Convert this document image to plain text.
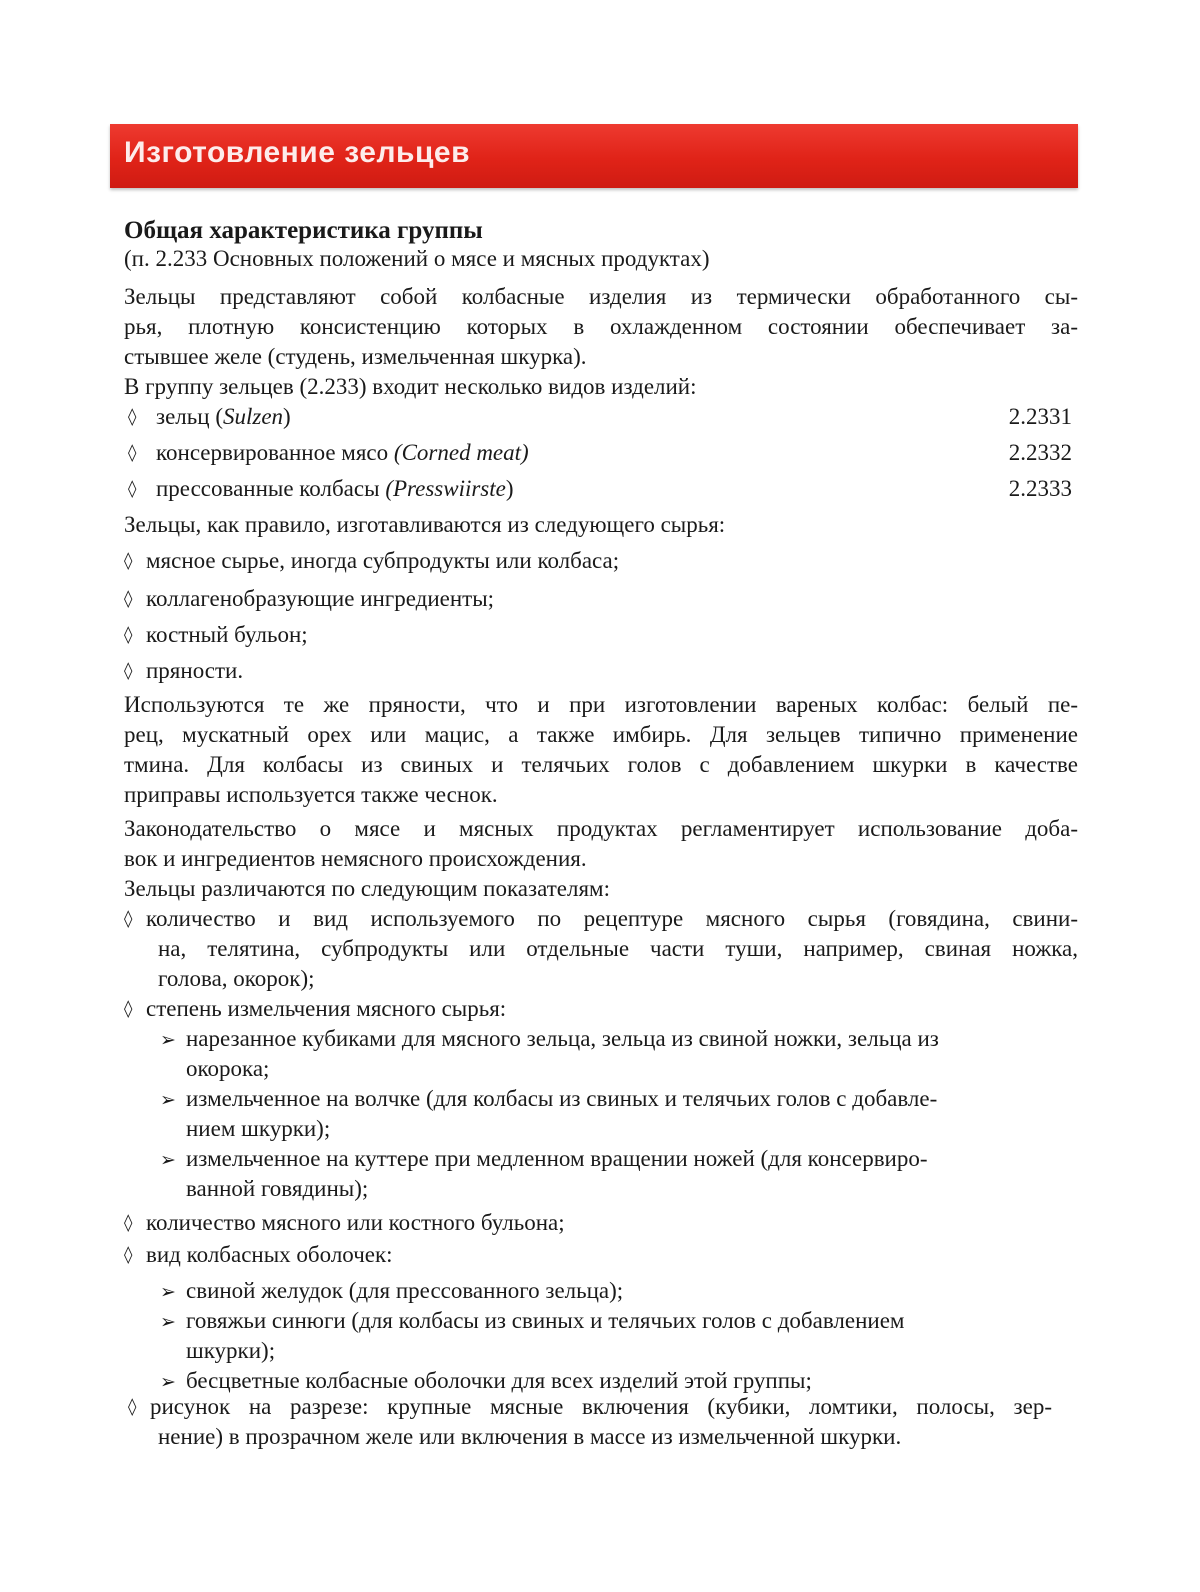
Изготовление зельцев
Общая характеристика группы
(п. 2.233 Основных положений о мясе и мясных продуктах)
Зельцы представляют собой колбасные изделия из термически обработанного сы-
рья, плотную консистенцию которых в охлажденном состоянии обеспечивает за-
стывшее желе (студень, измельченная шкурка).
В группу зельцев (2.233) входит несколько видов изделий:
◊ зельц (Sulzen)	2.2331
◊ консервированное мясо (Corned meat)	2.2332
◊ прессованные колбасы (Presswiirste)	2.2333
Зельцы, как правило, изготавливаются из следующего сырья:
◊ мясное сырье, иногда субпродукты или колбаса;
◊ коллагенобразующие ингредиенты;
◊ костный бульон;
◊ пряности.
Используются те же пряности, что и при изготовлении вареных колбас: белый пе-
рец, мускатный орех или мацис, а также имбирь. Для зельцев типично применение
тмина. Для колбасы из свиных и телячьих голов с добавлением шкурки в качестве
приправы используется также чеснок.
Законодательство о мясе и мясных продуктах регламентирует использование доба-
вок и ингредиентов немясного происхождения.
Зельцы различаются по следующим показателям:
◊ количество и вид используемого по рецептуре мясного сырья (говядина, свини-
на, телятина, субпродукты или отдельные части туши, например, свиная ножка,
голова, окорок);
◊ степень измельчения мясного сырья:
➢ нарезанное кубиками для мясного зельца, зельца из свиной ножки, зельца из
окорока;
➢ измельченное на волчке (для колбасы из свиных и телячьих голов с добавле-
нием шкурки);
➢ измельченное на куттере при медленном вращении ножей (для консервиро-
ванной говядины);
◊ количество мясного или костного бульона;
◊ вид колбасных оболочек:
➢ свиной желудок (для прессованного зельца);
➢ говяжьи синюги (для колбасы из свиных и телячьих голов с добавлением
шкурки);
➢ бесцветные колбасные оболочки для всех изделий этой группы;
◊ рисунок на разрезе: крупные мясные включения (кубики, ломтики, полосы, зер-
нение) в прозрачном желе или включения в массе из измельченной шкурки.
